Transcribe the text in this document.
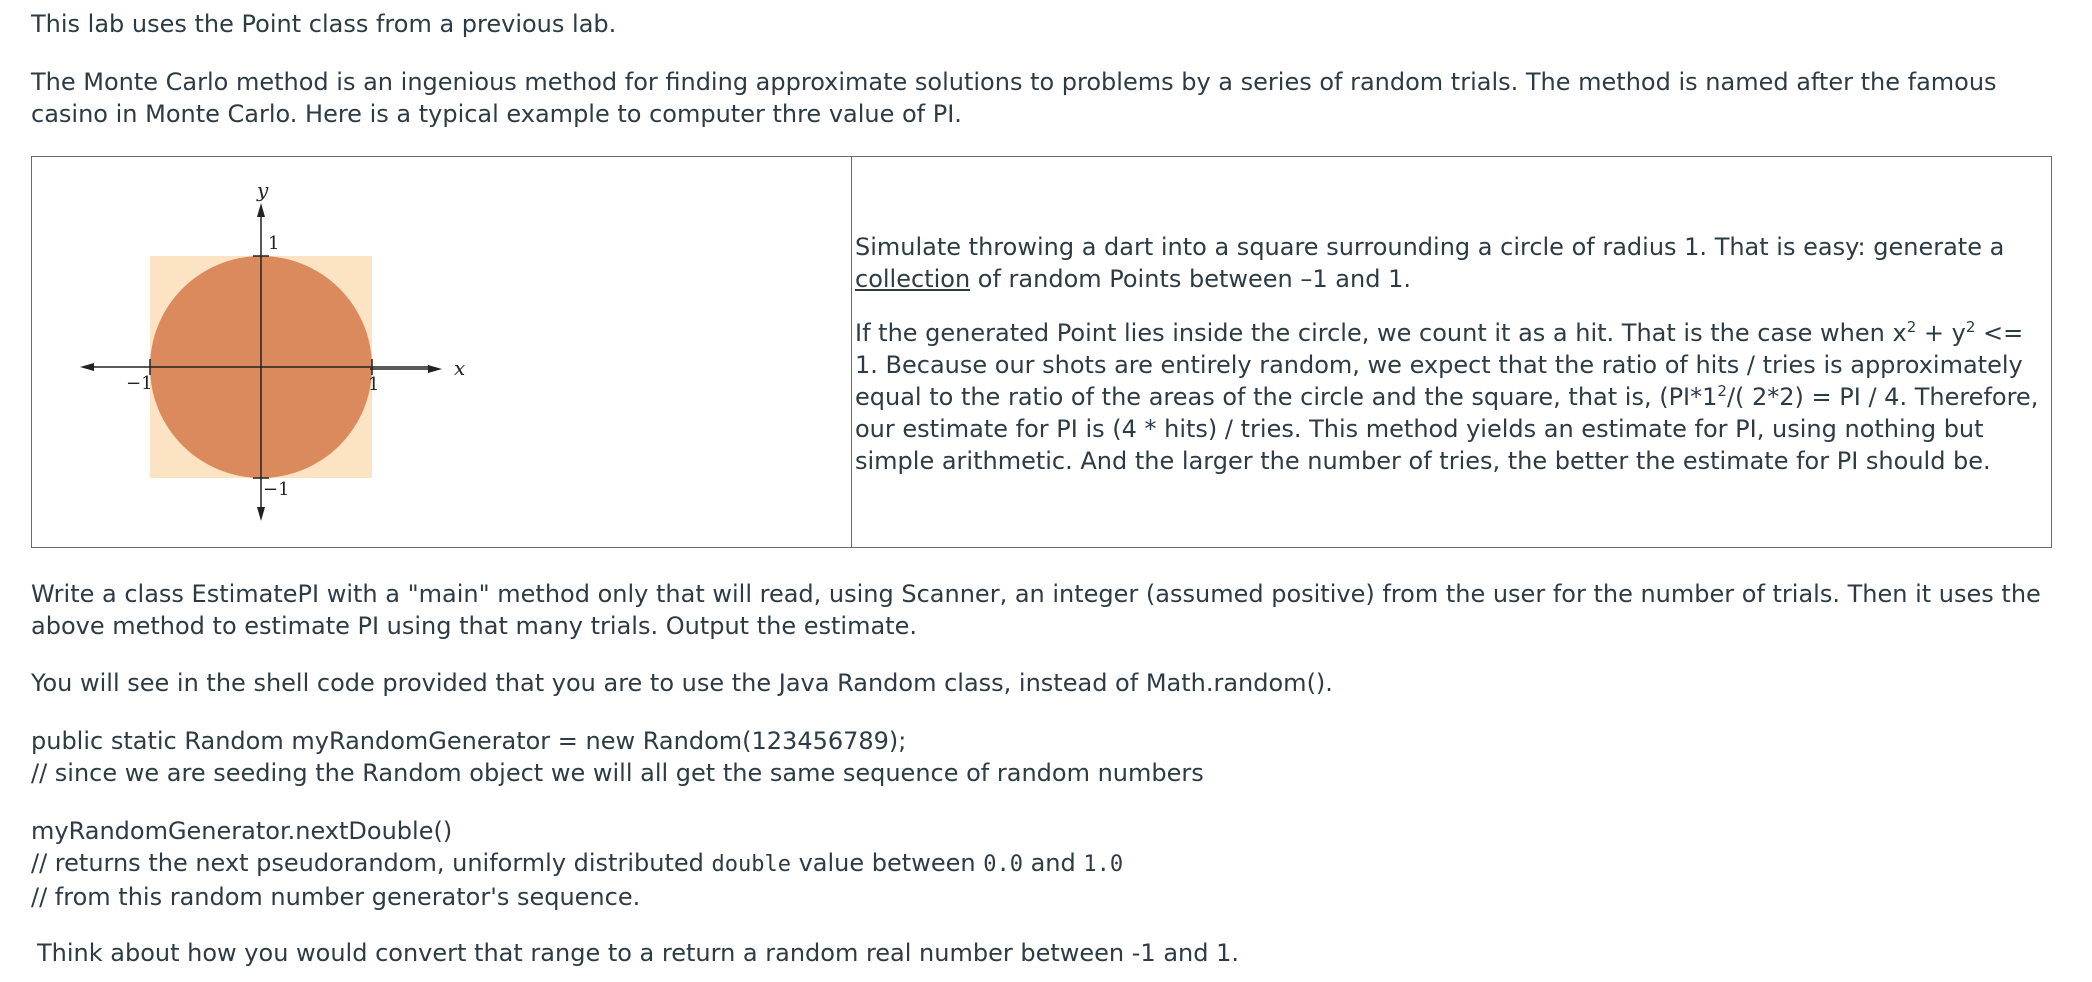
This lab uses the Point class from a previous lab.

The Monte Carlo method is an ingenious method for finding approximate solutions to problems by a series of random trials. The method is named after the famous casino in Monte Carlo. Here is a typical example to computer thre value of PI.

y
1
−1	1
−1
x

Simulate throwing a dart into a square surrounding a circle of radius 1. That is easy: generate a collection of random Points between –1 and 1.

If the generated Point lies inside the circle, we count it as a hit. That is the case when $x^2 + y^2 <= 1$. Because our shots are entirely random, we expect that the ratio of hits / tries is approximately equal to the ratio of the areas of the circle and the square, that is, ($PI*1^2/$( 2*2) = PI / 4. Therefore, our estimate for PI is (4 * hits) / tries. This method yields an estimate for PI, using nothing but simple arithmetic. And the larger the number of tries, the better the estimate for PI should be.

Write a class EstimatePI with a "main" method only that will read, using Scanner, an integer (assumed positive) from the user for the number of trials. Then it uses the above method to estimate PI using that many trials. Output the estimate.

You will see in the shell code provided that you are to use the Java Random class, instead of Math.random().

public static Random myRandomGenerator = new Random(123456789);
// since we are seeding the Random object we will all get the same sequence of random numbers

myRandomGenerator.nextDouble()
// returns the next pseudorandom, uniformly distributed double value between 0.0 and 1.0
// from this random number generator's sequence.

Think about how you would convert that range to a return a random real number between -1 and 1.
